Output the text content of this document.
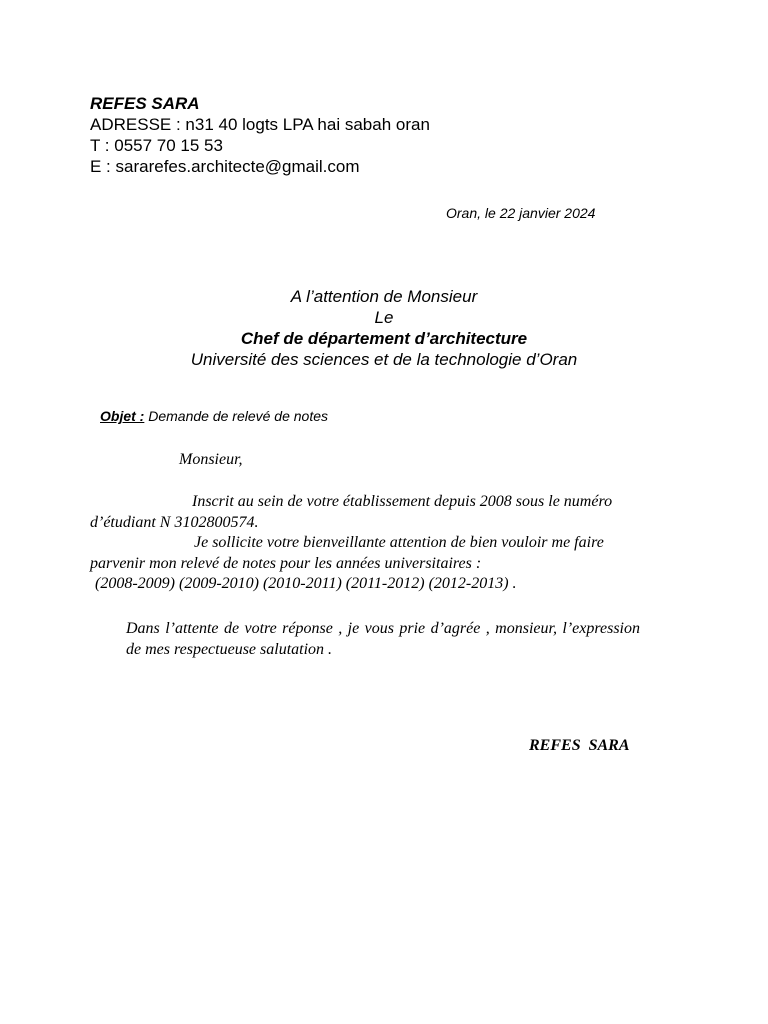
REFES SARA
ADRESSE : n31 40 logts LPA hai sabah oran
T : 0557 70 15 53
E : sararefes.architecte@gmail.com
Oran, le 22 janvier 2024
A l’attention de Monsieur
Le
Chef de département d’architecture
Université des sciences et de la technologie d’Oran
Objet : Demande de relevé de notes
Monsieur,
Inscrit au sein de votre établissement depuis 2008 sous le numéro
d’étudiant N 3102800574.
Je sollicite votre bienveillante attention de bien vouloir me faire
parvenir mon relevé de notes pour les années universitaires :
(2008-2009) (2009-2010) (2010-2011) (2011-2012) (2012-2013) .
Dans l’attente de votre réponse , je vous prie d’agrée , monsieur, l’expression de mes respectueuse salutation .
REFES  SARA
